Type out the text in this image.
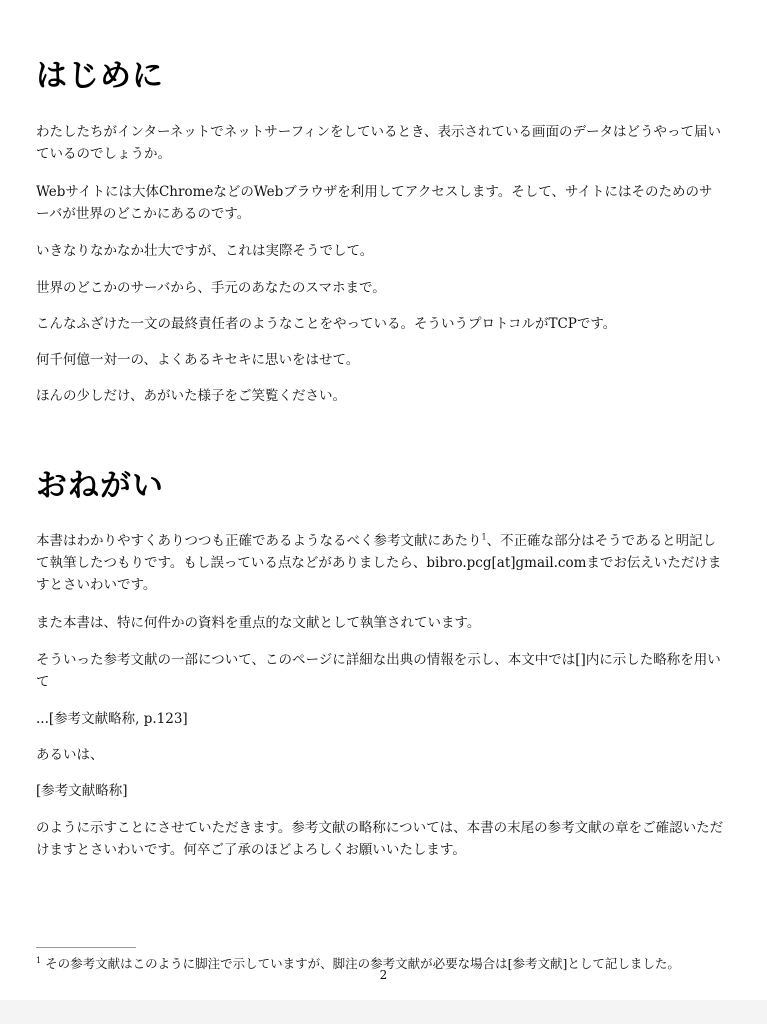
はじめに

わたしたちがインターネットでネットサーフィンをしているとき、表示されている画面のデータはどうやって届いているのでしょうか。

Webサイトには大体ChromeなどのWebブラウザを利用してアクセスします。そして、サイトにはそのためのサーバが世界のどこかにあるのです。

いきなりなかなか壮大ですが、これは実際そうでして。

世界のどこかのサーバから、手元のあなたのスマホまで。

こんなふざけた一文の最終責任者のようなことをやっている。そういうプロトコルがTCPです。

何千何億一対一の、よくあるキセキに思いをはせて。

ほんの少しだけ、あがいた様子をご笑覧ください。

おねがい

本書はわかりやすくありつつも正確であるようなるべく参考文献にあたり$^1$、不正確な部分はそうであると明記して執筆したつもりです。もし誤っている点などがありましたら、bibro.pcg[at]gmail.comまでお伝えいただけますとさいわいです。

また本書は、特に何件かの資料を重点的な文献として執筆されています。

そういった参考文献の一部について、このページに詳細な出典の情報を示し、本文中では[]内に示した略称を用いて

...[参考文献略称, p.123]

あるいは、

[参考文献略称]

のように示すことにさせていただきます。参考文献の略称については、本書の末尾の参考文献の章をご確認いただけますとさいわいです。何卒ご了承のほどよろしくお願いいたします。

$^1$ その参考文献はこのように脚注で示していますが、脚注の参考文献が必要な場合は[参考文献]として記しました。
2
